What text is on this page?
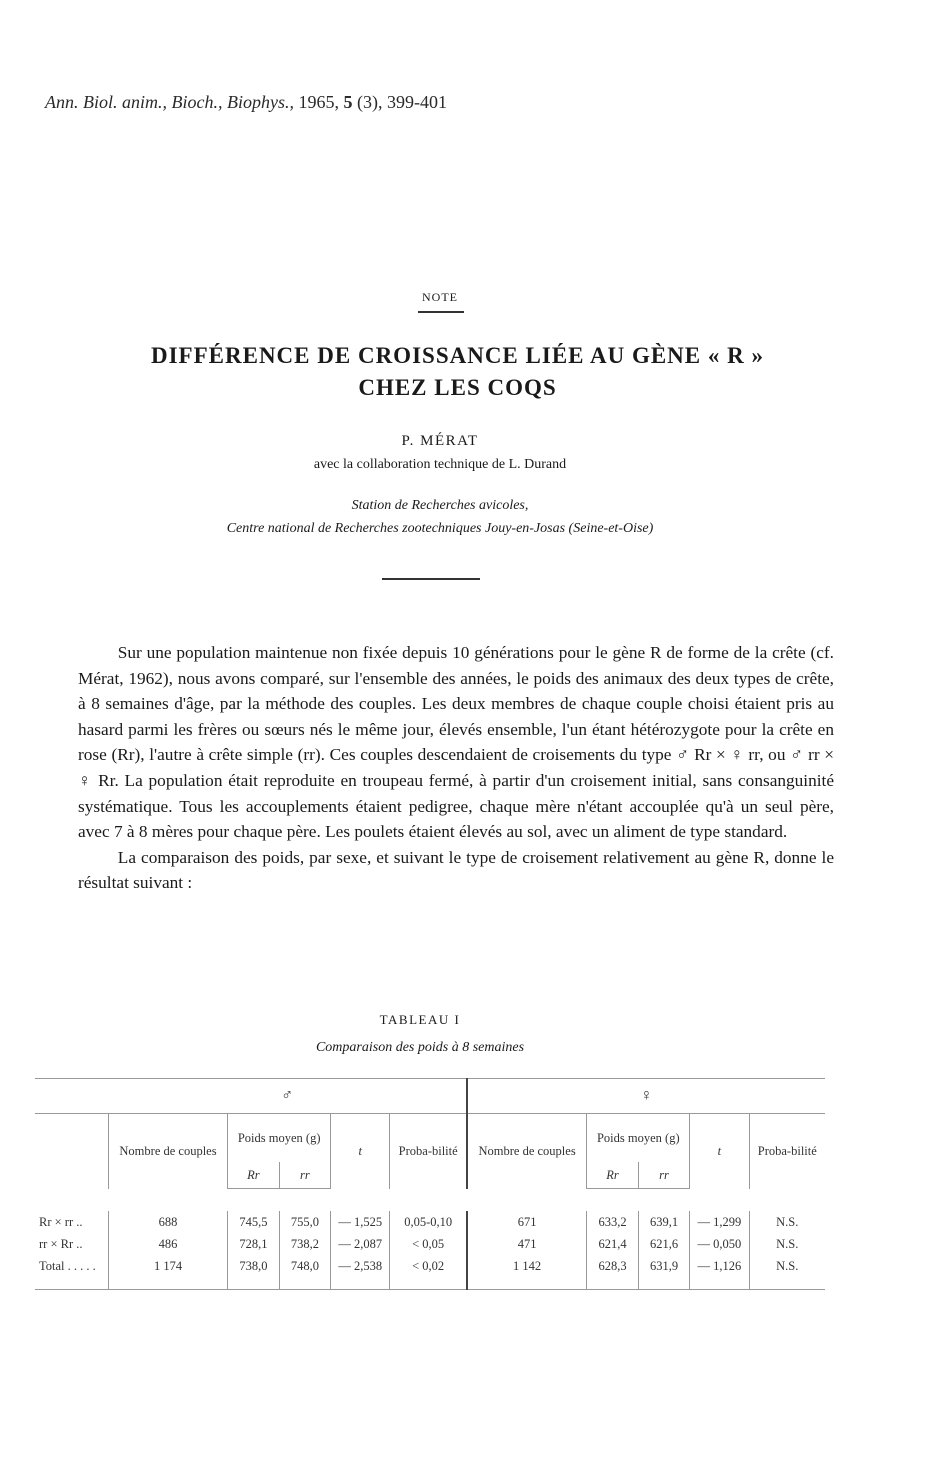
Ann. Biol. anim., Bioch., Biophys., 1965, 5 (3), 399-401
NOTE
DIFFÉRENCE DE CROISSANCE LIÉE AU GÈNE « R »
CHEZ LES COQS
P. MÉRAT
avec la collaboration technique de L. Durand
Station de Recherches avicoles,
Centre national de Recherches zootechniques Jouy-en-Josas (Seine-et-Oise)

Sur une population maintenue non fixée depuis 10 générations pour le gène R de forme de la crête (cf. Mérat, 1962), nous avons comparé, sur l'ensemble des années, le poids des animaux des deux types de crête, à 8 semaines d'âge, par la méthode des couples. Les deux membres de chaque couple choisi étaient pris au hasard parmi les frères ou sœurs nés le même jour, élevés ensemble, l'un étant hétérozygote pour la crête en rose (Rr), l'autre à crête simple (rr). Ces couples descendaient de croisements du type ♂ Rr × ♀ rr, ou ♂ rr × ♀ Rr. La population était reproduite en troupeau fermé, à partir d'un croisement initial, sans consanguinité systématique. Tous les accouplements étaient pedigree, chaque mère n'étant accouplée qu'à un seul père, avec 7 à 8 mères pour chaque père. Les poulets étaient élevés au sol, avec un aliment de type standard.

La comparaison des poids, par sexe, et suivant le type de croisement relativement au gène R, donne le résultat suivant :

TABLEAU I
Comparaison des poids à 8 semaines
	♂					♀				
	Nombre de couples	Poids moyen (g)		t	Proba-bilité	Nombre de couples	Poids moyen (g)		t	Proba-bilité
		Rr	rr				Rr	rr		

Rr × rr ..	688	745,5	755,0	— 1,525	0,05-0,10	671	633,2	639,1	— 1,299	N.S.
rr × Rr ..	486	728,1	738,2	— 2,087	< 0,05	471	621,4	621,6	— 0,050	N.S.
Total . . . . .	1 174	738,0	748,0	— 2,538	< 0,02	1 142	628,3	631,9	— 1,126	N.S.
